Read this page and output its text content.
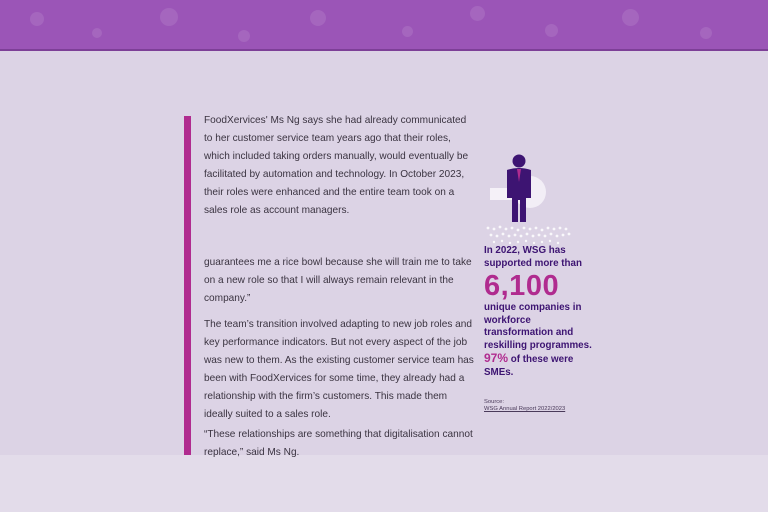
FoodXervices' Ms Ng says she had already communicated to her customer service team years ago that their roles, which included taking orders manually, would eventually be facilitated by automation and technology. In October 2023, their roles were enhanced and the entire team took on a sales role as account managers.

guarantees me a rice bowl because she will train me to take on a new role so that I will always remain relevant in the company.”

The team’s transition involved adapting to new job roles and key performance indicators. But not every aspect of the job was new to them. As the existing customer service team has been with FoodXervices for some time, they already had a relationship with the firm’s customers. This made them ideally suited to a sales role.

“These relationships are something that digitalisation cannot replace,” said Ms Ng.

In 2022, WSG has supported more than
6,100
unique companies in workforce transformation and reskilling programmes.
97% of these were SMEs.
Source:
WSG Annual Report 2022/2023
